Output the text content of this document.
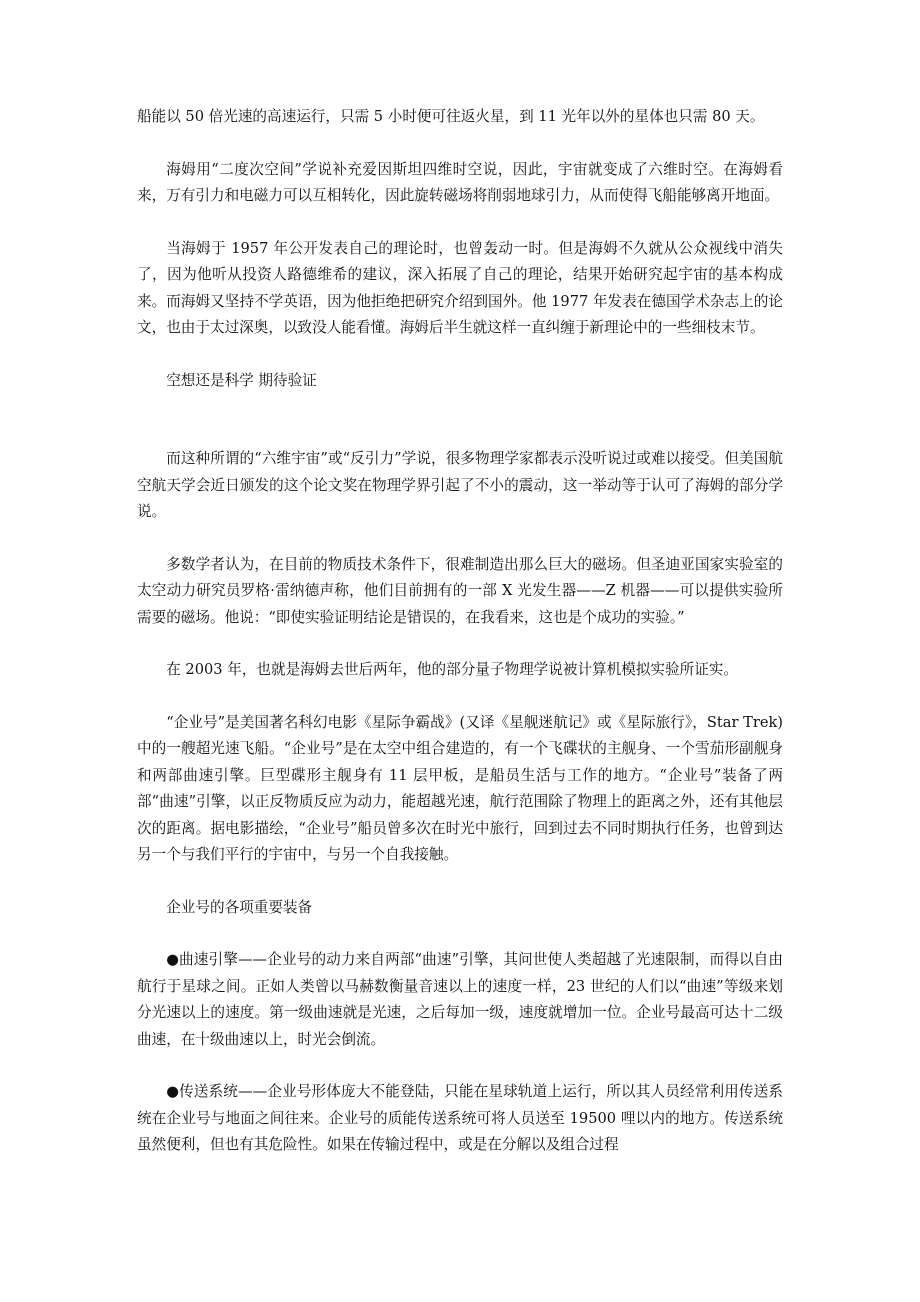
船能以 50 倍光速的高速运行，只需 5 小时便可往返火星，到 11 光年以外的星体也只需 80 天。

海姆用“二度次空间”学说补充爱因斯坦四维时空说，因此，宇宙就变成了六维时空。在海姆看来，万有引力和电磁力可以互相转化，因此旋转磁场将削弱地球引力，从而使得飞船能够离开地面。

当海姆于 1957 年公开发表自己的理论时，也曾轰动一时。但是海姆不久就从公众视线中消失了，因为他听从投资人路德维希的建议，深入拓展了自己的理论，结果开始研究起宇宙的基本构成来。而海姆又坚持不学英语，因为他拒绝把研究介绍到国外。他 1977 年发表在德国学术杂志上的论文，也由于太过深奥，以致没人能看懂。海姆后半生就这样一直纠缠于新理论中的一些细枝末节。

空想还是科学 期待验证

而这种所谓的“六维宇宙”或“反引力”学说，很多物理学家都表示没听说过或难以接受。但美国航空航天学会近日颁发的这个论文奖在物理学界引起了不小的震动，这一举动等于认可了海姆的部分学说。

多数学者认为，在目前的物质技术条件下，很难制造出那么巨大的磁场。但圣迪亚国家实验室的太空动力研究员罗格·雷纳德声称，他们目前拥有的一部 X 光发生器——Z 机器——可以提供实验所需要的磁场。他说：“即使实验证明结论是错误的，在我看来，这也是个成功的实验。”

在 2003 年，也就是海姆去世后两年，他的部分量子物理学说被计算机模拟实验所证实。

“企业号”是美国著名科幻电影《星际争霸战》(又译《星舰迷航记》或《星际旅行》，Star Trek)中的一艘超光速飞船。“企业号”是在太空中组合建造的，有一个飞碟状的主舰身、一个雪茄形副舰身和两部曲速引擎。巨型碟形主舰身有 11 层甲板，是船员生活与工作的地方。“企业号”装备了两部“曲速”引擎，以正反物质反应为动力，能超越光速，航行范围除了物理上的距离之外，还有其他层次的距离。据电影描绘，“企业号”船员曾多次在时光中旅行，回到过去不同时期执行任务，也曾到达另一个与我们平行的宇宙中，与另一个自我接触。

企业号的各项重要装备

●曲速引擎——企业号的动力来自两部“曲速”引擎，其问世使人类超越了光速限制，而得以自由航行于星球之间。正如人类曾以马赫数衡量音速以上的速度一样，23 世纪的人们以“曲速”等级来划分光速以上的速度。第一级曲速就是光速，之后每加一级，速度就增加一位。企业号最高可达十二级曲速，在十级曲速以上，时光会倒流。

●传送系统——企业号形体庞大不能登陆，只能在星球轨道上运行，所以其人员经常利用传送系统在企业号与地面之间往来。企业号的质能传送系统可将人员送至 19500 哩以内的地方。传送系统虽然便利，但也有其危险性。如果在传输过程中，或是在分解以及组合过程
